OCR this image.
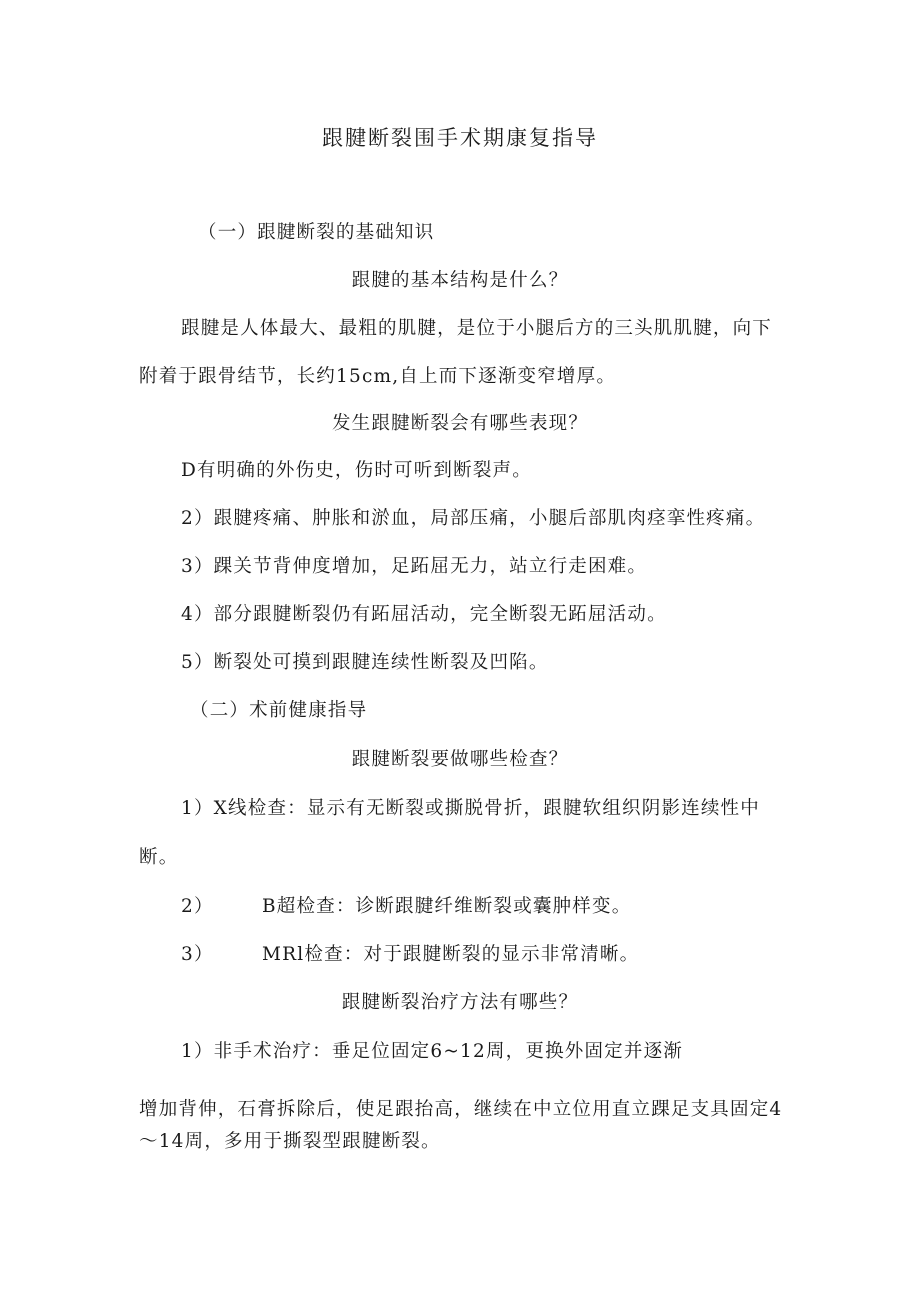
跟腱断裂围手术期康复指导
（一）跟腱断裂的基础知识
跟腱的基本结构是什么？
跟腱是人体最大、最粗的肌腱，是位于小腿后方的三头肌肌腱，向下
附着于跟骨结节，长约15cm,自上而下逐渐变窄增厚。
发生跟腱断裂会有哪些表现？
D有明确的外伤史，伤时可听到断裂声。
2）跟腱疼痛、肿胀和淤血，局部压痛，小腿后部肌肉痉挛性疼痛。
3）踝关节背伸度增加，足跖屈无力，站立行走困难。
4）部分跟腱断裂仍有跖屈活动，完全断裂无跖屈活动。
5）断裂处可摸到跟腱连续性断裂及凹陷。
（二）术前健康指导
跟腱断裂要做哪些检查？
1）X线检查：显示有无断裂或撕脱骨折，跟腱软组织阴影连续性中
断。
2）	B超检查：诊断跟腱纤维断裂或囊肿样变。
3）	MRl检查：对于跟腱断裂的显示非常清晰。
跟腱断裂治疗方法有哪些？
1）非手术治疗：垂足位固定6~12周，更换外固定并逐渐
增加背伸，石膏拆除后，使足跟抬高，继续在中立位用直立踝足支具固定4
～14周，多用于撕裂型跟腱断裂。
